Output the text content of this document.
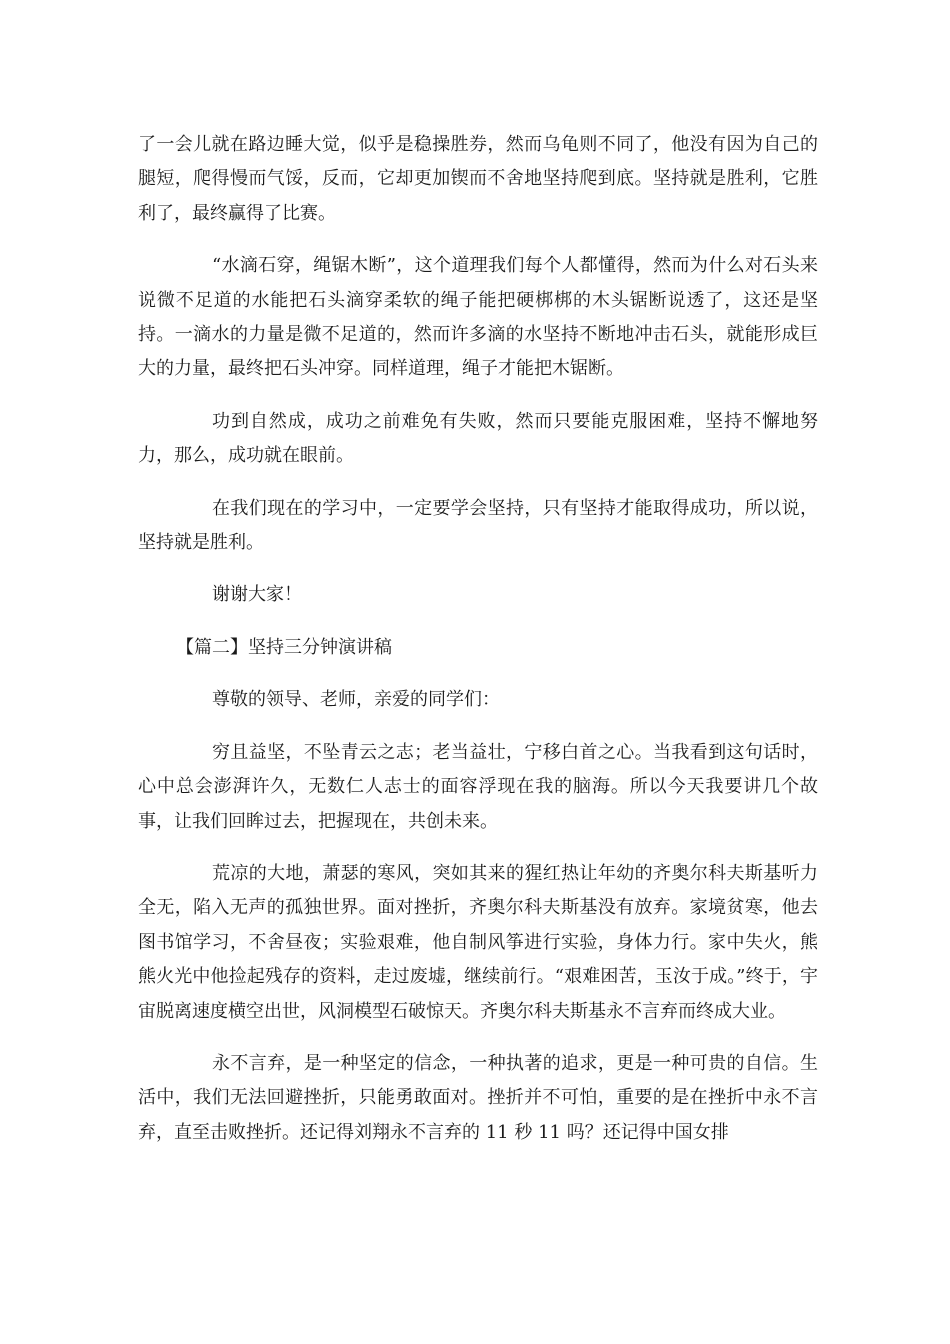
了一会儿就在路边睡大觉，似乎是稳操胜券，然而乌龟则不同了，他没有因为自己的腿短，爬得慢而气馁，反而，它却更加锲而不舍地坚持爬到底。坚持就是胜利，它胜利了，最终赢得了比赛。

“水滴石穿，绳锯木断”，这个道理我们每个人都懂得，然而为什么对石头来说微不足道的水能把石头滴穿柔软的绳子能把硬梆梆的木头锯断说透了，这还是坚持。一滴水的力量是微不足道的，然而许多滴的水坚持不断地冲击石头，就能形成巨大的力量，最终把石头冲穿。同样道理，绳子才能把木锯断。

功到自然成，成功之前难免有失败，然而只要能克服困难，坚持不懈地努力，那么，成功就在眼前。

在我们现在的学习中，一定要学会坚持，只有坚持才能取得成功，所以说，坚持就是胜利。

谢谢大家！

【篇二】坚持三分钟演讲稿

尊敬的领导、老师，亲爱的同学们：

穷且益坚，不坠青云之志；老当益壮，宁移白首之心。当我看到这句话时，心中总会澎湃许久，无数仁人志士的面容浮现在我的脑海。所以今天我要讲几个故事，让我们回眸过去，把握现在，共创未来。

荒凉的大地，萧瑟的寒风，突如其来的猩红热让年幼的齐奥尔科夫斯基听力全无，陷入无声的孤独世界。面对挫折，齐奥尔科夫斯基没有放弃。家境贫寒，他去图书馆学习，不舍昼夜；实验艰难，他自制风筝进行实验，身体力行。家中失火，熊熊火光中他捡起残存的资料，走过废墟，继续前行。“艰难困苦，玉汝于成。”终于，宇宙脱离速度横空出世，风洞模型石破惊天。齐奥尔科夫斯基永不言弃而终成大业。

永不言弃，是一种坚定的信念，一种执著的追求，更是一种可贵的自信。生活中，我们无法回避挫折，只能勇敢面对。挫折并不可怕，重要的是在挫折中永不言弃，直至击败挫折。还记得刘翔永不言弃的 11 秒 11 吗？还记得中国女排
